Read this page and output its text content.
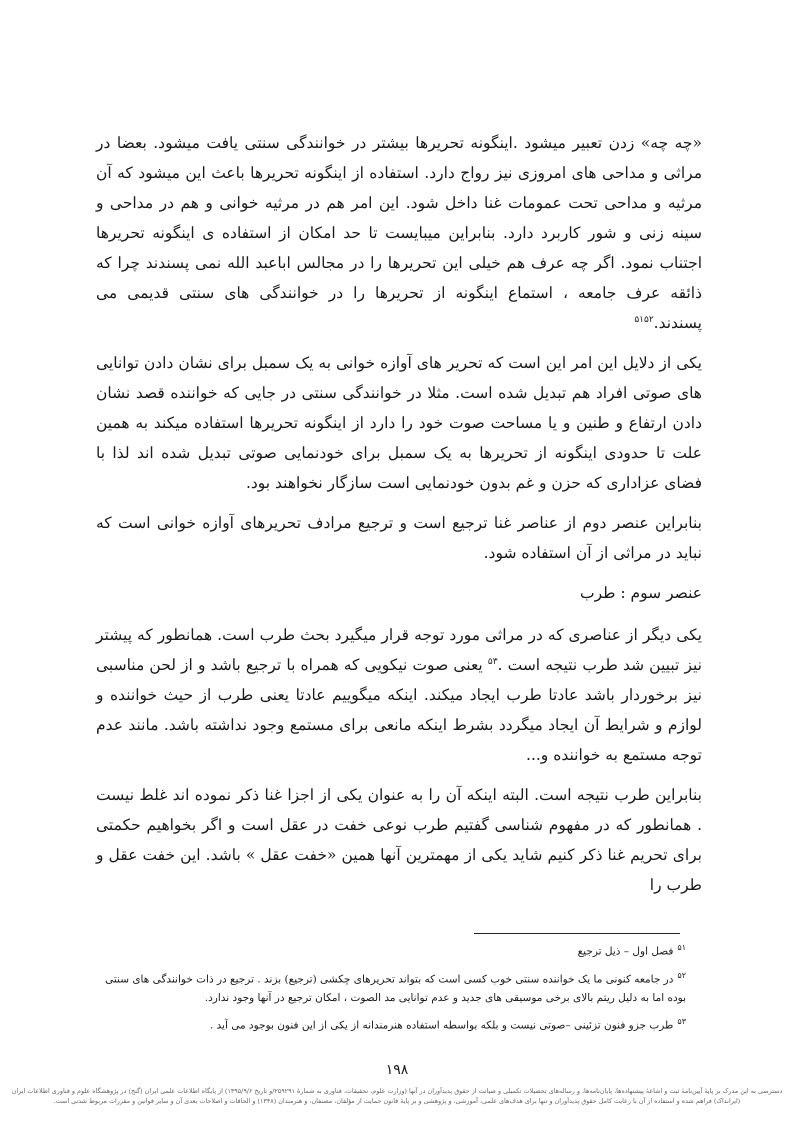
«چه چه» زدن تعبیر میشود .اینگونه تحریرها بیشتر در خوانندگی سنتی یافت میشود. بعضا در مراثی و مداحی های امروزی نیز رواج دارد. استفاده از اینگونه تحریرها باعث این میشود که آن مرثیه و مداحی تحت عمومات غنا داخل شود. این امر هم در مرثیه خوانی و هم در مداحی و سینه زنی و شور کاربرد دارد. بنابراین میبایست تا حد امکان از استفاده ی اینگونه تحریرها اجتناب نمود. اگر چه عرف هم خیلی این تحریرها را در مجالس اباعبد الله نمی پسندند چرا که ذائقه عرف جامعه ، استماع اینگونه از تحریرها را در خوانندگی های سنتی قدیمی می پسندند.$^{۵۱۵۲}$

یکی از دلایل این امر این است که تحریر های آوازه خوانی به یک سمبل برای نشان دادن توانایی های صوتی افراد هم تبدیل شده است. مثلا در خوانندگی سنتی در جایی که خواننده قصد نشان دادن ارتفاع و طنین و یا مساحت صوت خود را دارد از اینگونه تحریرها استفاده میکند به همین علت تا حدودی اینگونه از تحریرها به یک سمبل برای خودنمایی صوتی تبدیل شده اند لذا با فضای عزاداری که حزن و غم بدون خودنمایی است سازگار نخواهند بود.

بنابراین عنصر دوم از عناصر غنا ترجیع است و ترجیع مرادف تحریرهای آوازه خوانی است که نباید در مراثی از آن استفاده شود.

عنصر سوم : طرب

یکی دیگر از عناصری که در مراثی مورد توجه قرار میگیرد بحث طرب است. همانطور که پیشتر نیز تبیین شد طرب نتیجه است .$^{۵۳}$ یعنی صوت نیکویی که همراه با ترجیع باشد و از لحن مناسبی نیز برخوردار باشد عادتا طرب ایجاد میکند. اینکه میگوییم عادتا یعنی طرب از حیث خواننده و لوازم و شرایط آن ایجاد میگردد بشرط اینکه مانعی برای مستمع وجود نداشته باشد. مانند عدم توجه مستمع به خواننده و...

بنابراین طرب نتیجه است. البته اینکه آن را به عنوان یکی از اجزا غنا ذکر نموده اند غلط نیست . همانطور که در مفهوم شناسی گفتیم طرب نوعی خفت در عقل است و اگر بخواهیم حکمتی برای تحریم غنا ذکر کنیم شاید یکی از مهمترین آنها همین «خفت عقل » باشد. این خفت عقل و طرب را

$^{۵۱}$فصل اول – ذیل ترجیع

$^{۵۲}$در جامعه کنونی ما یک خواننده سنتی خوب کسی است که بتواند تحریرهای چکشی (ترجیع) بزند . ترجیع در ذات خوانندگی های سنتی بوده اما به دلیل ریتم بالای برخی موسیقی های جدید و عدم توانایی مد الصوت ، امکان ترجیع در آنها وجود ندارد.

$^{۵۳}$طرب جزو فنون تزئینی –صوتی نیست و بلکه بواسطه استفاده هنرمندانه از یکی از این فنون بوجود می آید .

۱۹۸
دسترسی به این مدرک بر پایهٔ آیین‌نامهٔ ثبت و اشاعهٔ پیشنهاده‌ها، پایان‌نامه‌ها، و رساله‌های تحصیلات تکمیلی و صیانت از حقوق پدیدآوران در آنها (وزارت علوم، تحقیقات، فناوری به شمارهٔ ۲۵۹۲۹۱/و تاریخ ۱۳۹۵/۹/۶) از پایگاه اطلاعات علمی ایران (گنج) در پژوهشگاه علوم و فناوری اطلاعات ایران (ایرانداک) فراهم شده و استفاده از آن با رعایت کامل حقوق پدیدآوران و تنها برای هدف‌های علمی، آموزشی، و پژوهشی و بر پایهٔ قانون حمایت از مؤلفان، مصنفان، و هنرمندان (۱۳۴۸) و الحاقات و اصلاحات بعدی آن و سایر قوانین و مقررات مربوط شدنی است.
